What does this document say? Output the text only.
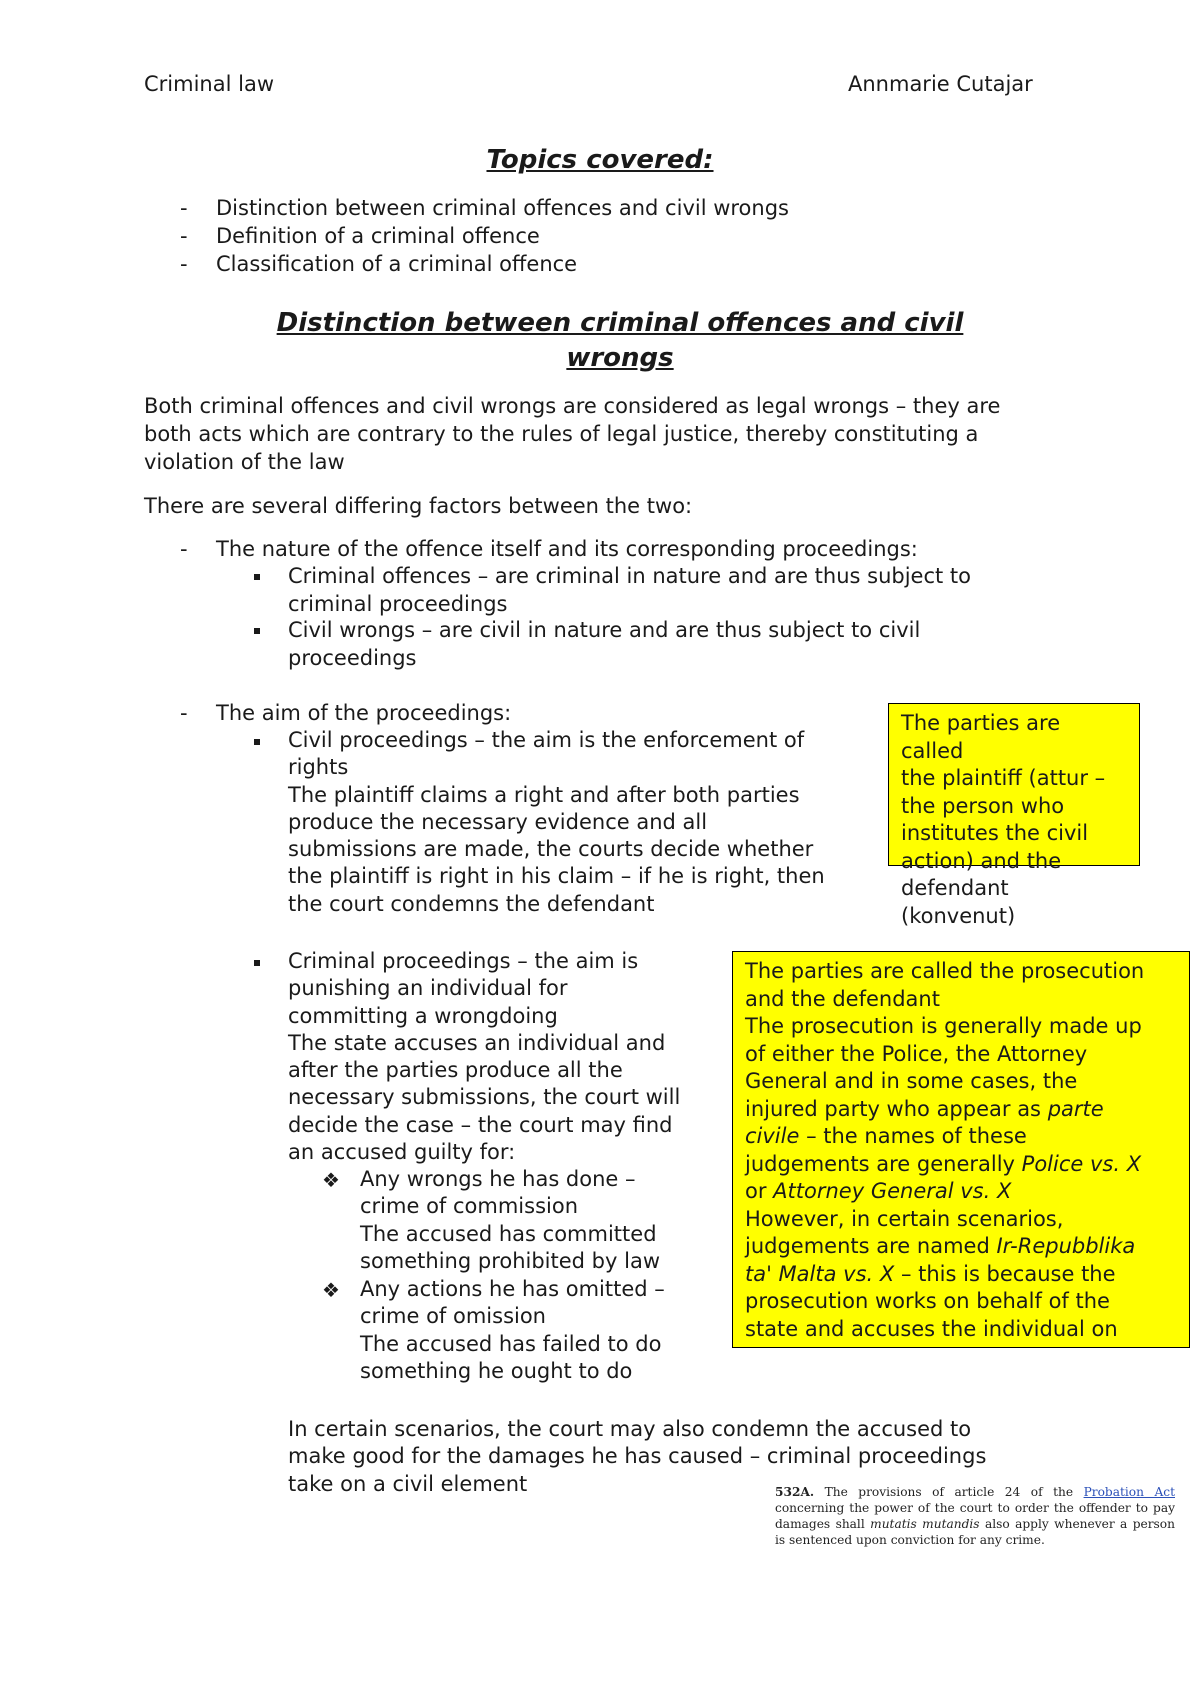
Criminal law	Annmarie Cutajar
Topics covered:
- Distinction between criminal offences and civil wrongs
- Definition of a criminal offence
- Classification of a criminal offence
Distinction between criminal offences and civil wrongs
Both criminal offences and civil wrongs are considered as legal wrongs – they are
both acts which are contrary to the rules of legal justice, thereby constituting a
violation of the law
There are several differing factors between the two:
- The nature of the offence itself and its corresponding proceedings:
Criminal offences – are criminal in nature and are thus subject to
criminal proceedings
Civil wrongs – are civil in nature and are thus subject to civil
proceedings
- The aim of the proceedings:
Civil proceedings – the aim is the enforcement of
rights
The plaintiff claims a right and after both parties
produce the necessary evidence and all
submissions are made, the courts decide whether
the plaintiff is right in his claim – if he is right, then
the court condemns the defendant
Criminal proceedings – the aim is
punishing an individual for
committing a wrongdoing
The state accuses an individual and
after the parties produce all the
necessary submissions, the court will
decide the case – the court may find
an accused guilty for:
❖ Any wrongs he has done –
crime of commission
The accused has committed
something prohibited by law
❖ Any actions he has omitted –
crime of omission
The accused has failed to do
something he ought to do
In certain scenarios, the court may also condemn the accused to
make good for the damages he has caused – criminal proceedings
take on a civil element
The parties are called
the plaintiff (attur –
the person who
institutes the civil
action) and the
defendant (konvenut)
The parties are called the prosecution
and the defendant
The prosecution is generally made up
of either the Police, the Attorney
General and in some cases, the
injured party who appear as parte
civile – the names of these
judgements are generally Police vs. X
or Attorney General vs. X
However, in certain scenarios,
judgements are named Ir-Repubblika
ta' Malta vs. X – this is because the
prosecution works on behalf of the
state and accuses the individual on
532A. The provisions of article 24 of the Probation Act concerning the power of the court to order the offender to pay damages shall mutatis mutandis also apply whenever a person is sentenced upon conviction for any crime.
